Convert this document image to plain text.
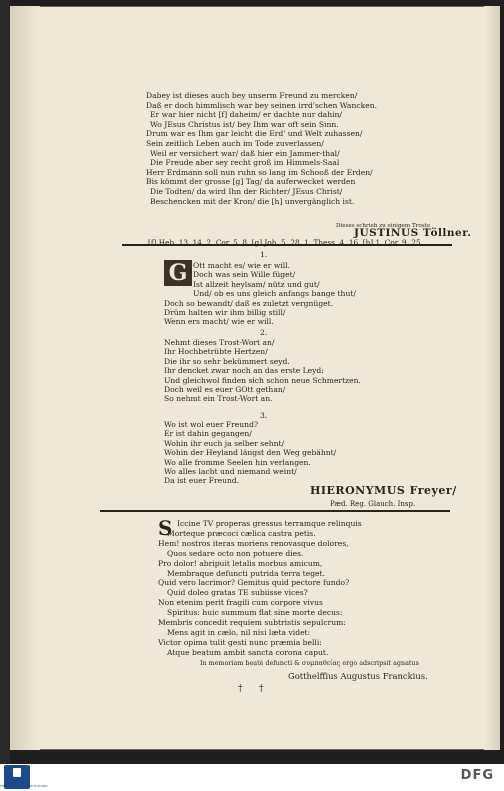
Dabey ist dieses auch bey unserm Freund zu mercken/
Daß er doch himmlisch war bey seinen irrd'schen Wancken.
Er war hier nicht [f] daheim/ er dachte nur dahin/
Wo JEsus Christus ist/ bey Ihm war oft sein Sinn.
Drum war es Ihm gar leicht die Erd' und Welt zuhassen/
Sein zeitlich Leben auch im Tode zuverlassen/
Weil er versichert war/ daß hier ein Jammer-thal/
Die Freude aber sey recht groß im Himmels-Saal
Herr Erdmann soll nun ruhn so lang im Schooß der Erden/
Bis kömmt der grosse [g] Tag/ da auferwecket werden
Die Todten/ da wird Ihn der Richter/ JEsus Christ/
Beschencken mit der Kron/ die [h] unvergänglich ist.
Dieses schrieb zu einigem Troste
JUSTINUS Töllner.
[f] Heb. 13, 14. 2. Cor. 5, 8. [g] Joh. 5, 28. 1. Thess. 4. 16. [h] 1. Cor. 9, 25.
1.
G Ott macht es/ wie er will.
Doch was sein Wille füget/
Ist allzeit heylsam/ nütz und gut/
Und/ ob es uns gleich anfangs bange thut/
Doch so bewandt/ daß es zuletzt vergnüget.
Drüm halten wir ihm billig still/
Wenn ers macht/ wie er will.
2.
Nehmt dieses Trost-Wort an/
Ihr Hochbetrübte Hertzen/
Die ihr so sehr bekümmert seyd.
Ihr dencket zwar noch an das erste Leyd:
Und gleichwol finden sich schon neue Schmertzen.
Doch weil es euer GOtt gethan/
So nehmt ein Trost-Wort an.
3.
Wo ist wol euer Freund?
Er ist dahin gegangen/
Wohin ihr euch ja selber sehnt/
Wohin der Heyland längst den Weg gebähnt/
Wo alle fromme Seelen hin verlangen.
Wo alles lacht und niemand weint/
Da ist euer Freund.
HIERONYMUS Freyer/
Pæd. Reg. Glauch. Insp.
S Iccine TV properas gressus terramque relinquis
Morteque præcoci cælica castra petis.
Hem! nostros iteras moriens renovasque dolores,
Quos sedare octo non potuere dies.
Pro dolor! abripuit letalis morbus amicum,
Membraque defuncti putrida terra teget.
Quid vero lacrimor? Gemitus quid pectore fundo?
Quid doleo gratas TE subiisse vices?
Non etenim perit fragili cum corpore vivus
Spiritus: huic summum flat sine morte decus:
Membris concedit requiem subtristis sepulcrum:
Mens agit in cælo, nil nisi læta videt:
Victor opima tulit gesti nunc præmia belli:
Atque beatum ambit sancta corona caput.
In memoriam beatè defuncti & συμπαθείας ergo adscripsit agnatus
Gotthelffius Augustus Franckius.
† †
FRANCKESCHE STIFTUNGEN
DFG
